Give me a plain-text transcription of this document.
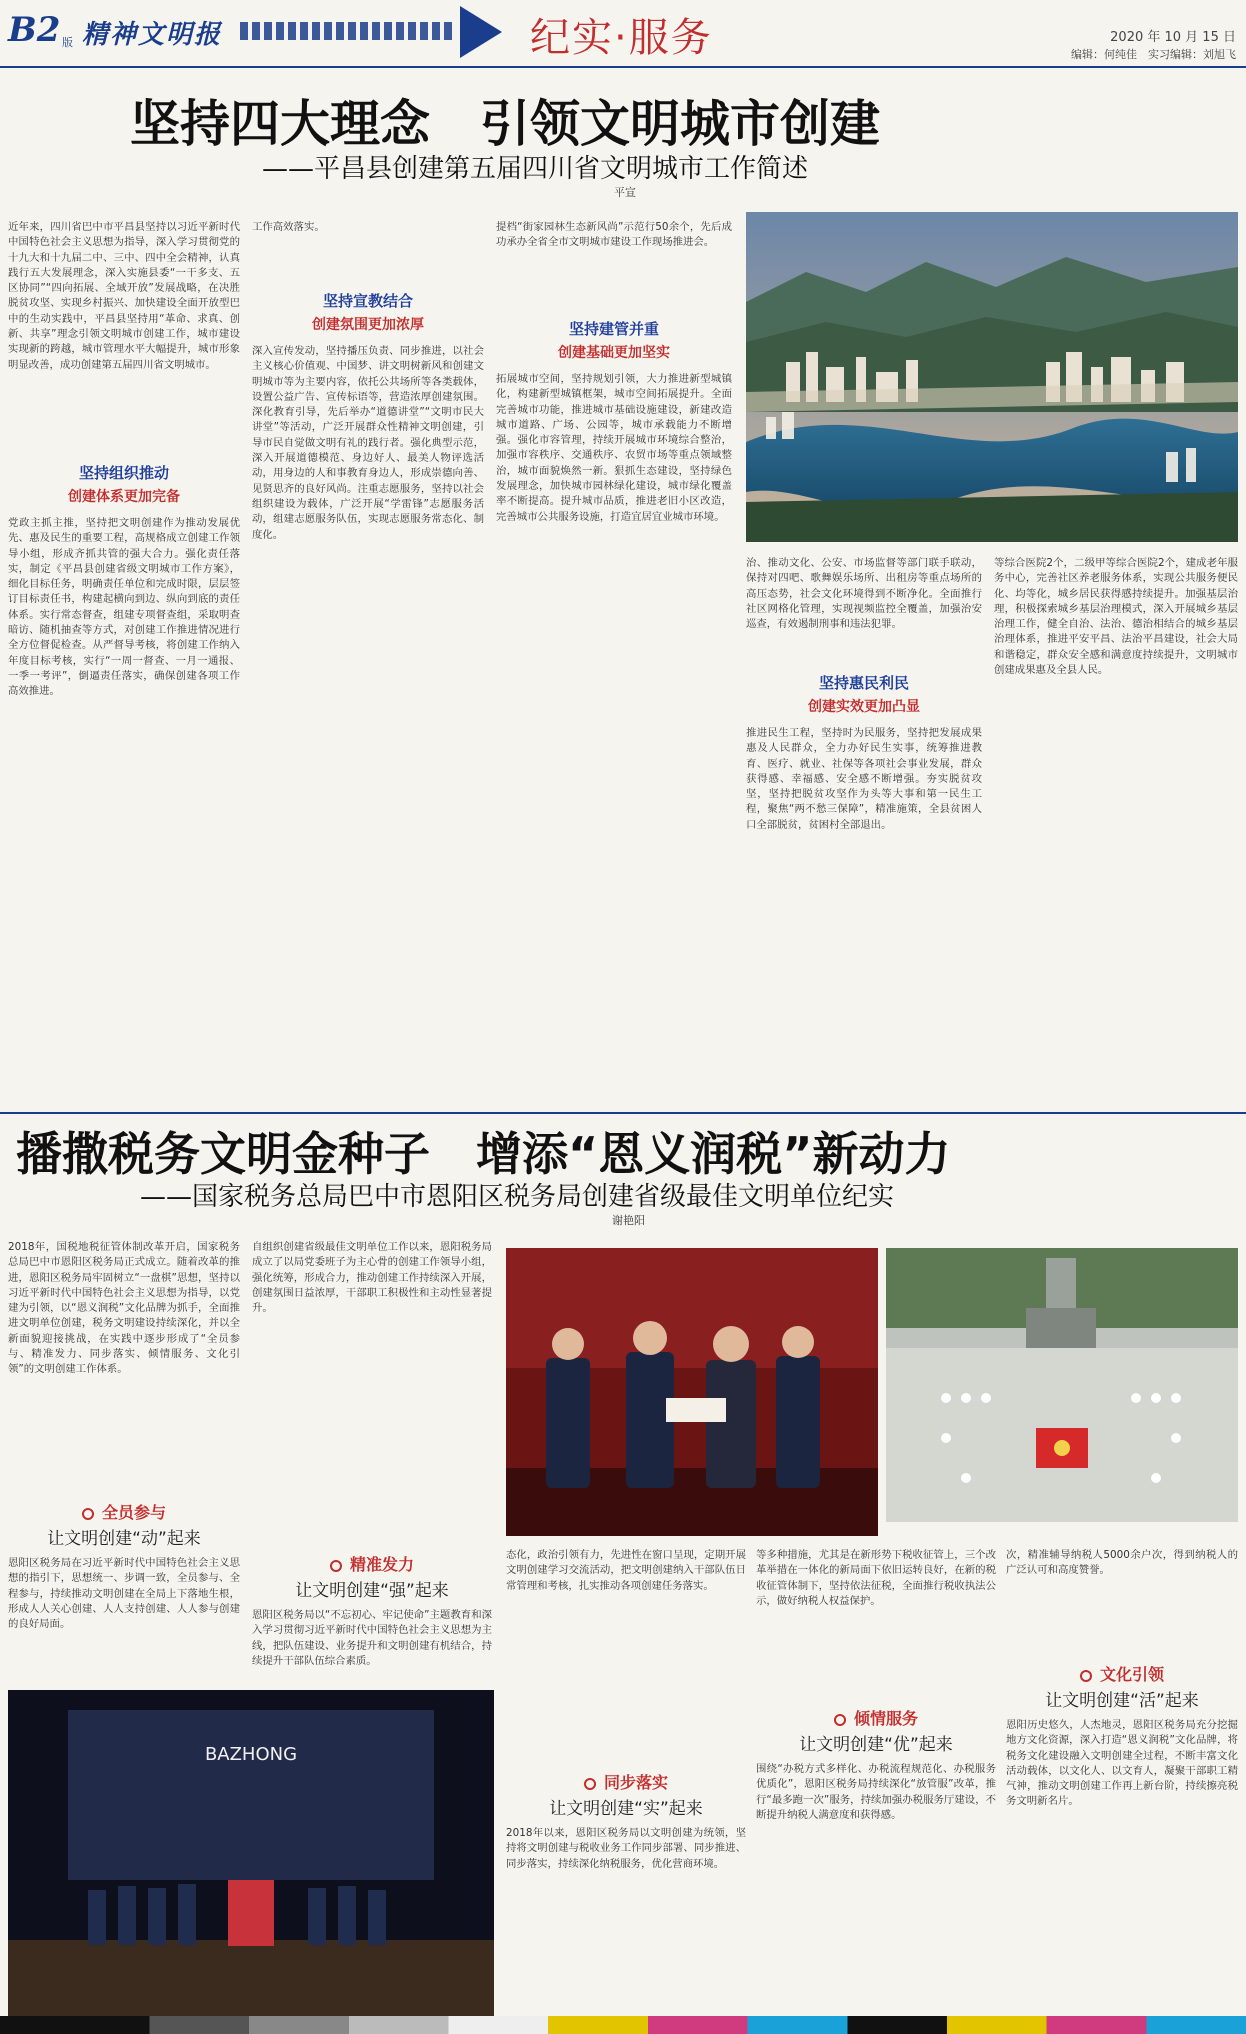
B2 版 精神文明报	纪实·服务	2020 年 10 月 15 日
编辑：何纯佳　实习编辑：刘旭飞
坚持四大理念　引领文明城市创建
——平昌县创建第五届四川省文明城市工作简述
平宣
近年来，四川省巴中市平昌县坚持以习近平新时代中国特色社会主义思想为指导，深入学习贯彻党的十九大和十九届二中、三中、四中全会精神，认真践行五大发展理念，深入实施县委“一干多支、五区协同”“四向拓展、全域开放”发展战略，在决胜脱贫攻坚、实现乡村振兴、加快建设全面开放型巴中的生动实践中，平昌县坚持用“革命、求真、创新、共享”理念引领文明城市创建工作，城市建设实现新的跨越，城市管理水平大幅提升，城市形象明显改善，成功创建第五届四川省文明城市。
坚持组织推动
创建体系更加完备
党政主抓主推，坚持把文明创建作为推动发展优先、惠及民生的重要工程，高规格成立创建工作领导小组，形成齐抓共管的强大合力。强化责任落实，制定《平昌县创建省级文明城市工作方案》，细化目标任务，明确责任单位和完成时限，层层签订目标责任书，构建起横向到边、纵向到底的责任体系。实行常态督查，组建专项督查组，采取明查暗访、随机抽查等方式，对创建工作推进情况进行全方位督促检查。从严督导考核，将创建工作纳入年度目标考核，实行“一周一督查、一月一通报、一季一考评”，倒逼责任落实，确保创建各项工作高效推进。
工作高效落实。
坚持宣教结合
创建氛围更加浓厚
深入宣传发动，坚持播压负责、同步推进，以社会主义核心价值观、中国梦、讲文明树新风和创建文明城市等为主要内容，依托公共场所等各类载体，设置公益广告、宣传标语等，营造浓厚创建氛围。深化教育引导，先后举办“道德讲堂”“文明市民大讲堂”等活动，广泛开展群众性精神文明创建，引导市民自觉做文明有礼的践行者。强化典型示范，深入开展道德模范、身边好人、最美人物评选活动，用身边的人和事教育身边人，形成崇德向善、见贤思齐的良好风尚。注重志愿服务，坚持以社会组织建设为载体，广泛开展“学雷锋”志愿服务活动，组建志愿服务队伍，实现志愿服务常态化、制度化。
提档“街家园林生态新风尚”示范行50余个，先后成功承办全省全市文明城市建设工作现场推进会。
坚持建管并重
创建基础更加坚实
拓展城市空间，坚持规划引领，大力推进新型城镇化，构建新型城镇框架，城市空间拓展提升。全面完善城市功能，推进城市基础设施建设，新建改造城市道路、广场、公园等，城市承载能力不断增强。强化市容管理，持续开展城市环境综合整治，加强市容秩序、交通秩序、农贸市场等重点领域整治，城市面貌焕然一新。狠抓生态建设，坚持绿色发展理念，加快城市园林绿化建设，城市绿化覆盖率不断提高。提升城市品质，推进老旧小区改造，完善城市公共服务设施，打造宜居宜业城市环境。
治、推动文化、公安、市场监督等部门联手联动，保持对四吧、歌舞娱乐场所、出租房等重点场所的高压态势，社会文化环境得到不断净化。全面推行社区网格化管理，实现视频监控全覆盖，加强治安巡查，有效遏制刑事和违法犯罪。
坚持惠民利民
创建实效更加凸显
推进民生工程，坚持时为民服务，坚持把发展成果惠及人民群众，全力办好民生实事，统筹推进教育、医疗、就业、社保等各项社会事业发展，群众获得感、幸福感、安全感不断增强。夯实脱贫攻坚，坚持把脱贫攻坚作为头等大事和第一民生工程，聚焦“两不愁三保障”，精准施策，全县贫困人口全部脱贫，贫困村全部退出。
等综合医院2个，二级甲等综合医院2个，建成老年服务中心，完善社区养老服务体系，实现公共服务便民化、均等化，城乡居民获得感持续提升。加强基层治理，积极探索城乡基层治理模式，深入开展城乡基层治理工作，健全自治、法治、德治相结合的城乡基层治理体系，推进平安平昌、法治平昌建设，社会大局和谐稳定，群众安全感和满意度持续提升，文明城市创建成果惠及全县人民。
播撒税务文明金种子　增添“恩义润税”新动力
——国家税务总局巴中市恩阳区税务局创建省级最佳文明单位纪实
谢艳阳
2018年，国税地税征管体制改革开启，国家税务总局巴中市恩阳区税务局正式成立。随着改革的推进，恩阳区税务局牢固树立“一盘棋”思想，坚持以习近平新时代中国特色社会主义思想为指导，以党建为引领，以“恩义润税”文化品牌为抓手，全面推进文明单位创建，税务文明建设持续深化，并以全新面貌迎接挑战，在实践中逐步形成了“全员参与、精准发力、同步落实、倾情服务、文化引领”的文明创建工作体系。
全员参与
让文明创建“动”起来
恩阳区税务局在习近平新时代中国特色社会主义思想的指引下，思想统一、步调一致，全员参与、全程参与，持续推动文明创建在全局上下落地生根，形成人人关心创建、人人支持创建、人人参与创建的良好局面。
自组织创建省级最佳文明单位工作以来，恩阳税务局成立了以局党委班子为主心骨的创建工作领导小组，强化统筹，形成合力，推动创建工作持续深入开展，创建氛围日益浓厚，干部职工积极性和主动性显著提升。
精准发力
让文明创建“强”起来
恩阳区税务局以“不忘初心、牢记使命”主题教育和深入学习贯彻习近平新时代中国特色社会主义思想为主线，把队伍建设、业务提升和文明创建有机结合，持续提升干部队伍综合素质。
BAZHONG
态化，政治引领有力，先进性在窗口呈现，定期开展文明创建学习交流活动，把文明创建纳入干部队伍日常管理和考核，扎实推动各项创建任务落实。
同步落实
让文明创建“实”起来
2018年以来，恩阳区税务局以文明创建为统领，坚持将文明创建与税收业务工作同步部署、同步推进、同步落实，持续深化纳税服务，优化营商环境。
等多种措施，尤其是在新形势下税收征管上，三个改革举措在一体化的新局面下依旧运转良好，在新的税收征管体制下，坚持依法征税，全面推行税收执法公示，做好纳税人权益保护。
倾情服务
让文明创建“优”起来
围绕“办税方式多样化、办税流程规范化、办税服务优质化”，恩阳区税务局持续深化“放管服”改革，推行“最多跑一次”服务，持续加强办税服务厅建设，不断提升纳税人满意度和获得感。
次，精准辅导纳税人5000余户次，得到纳税人的广泛认可和高度赞誉。
文化引领
让文明创建“活”起来
恩阳历史悠久，人杰地灵，恩阳区税务局充分挖掘地方文化资源，深入打造“恩义润税”文化品牌，将税务文化建设融入文明创建全过程，不断丰富文化活动载体，以文化人、以文育人，凝聚干部职工精气神，推动文明创建工作再上新台阶，持续擦亮税务文明新名片。
